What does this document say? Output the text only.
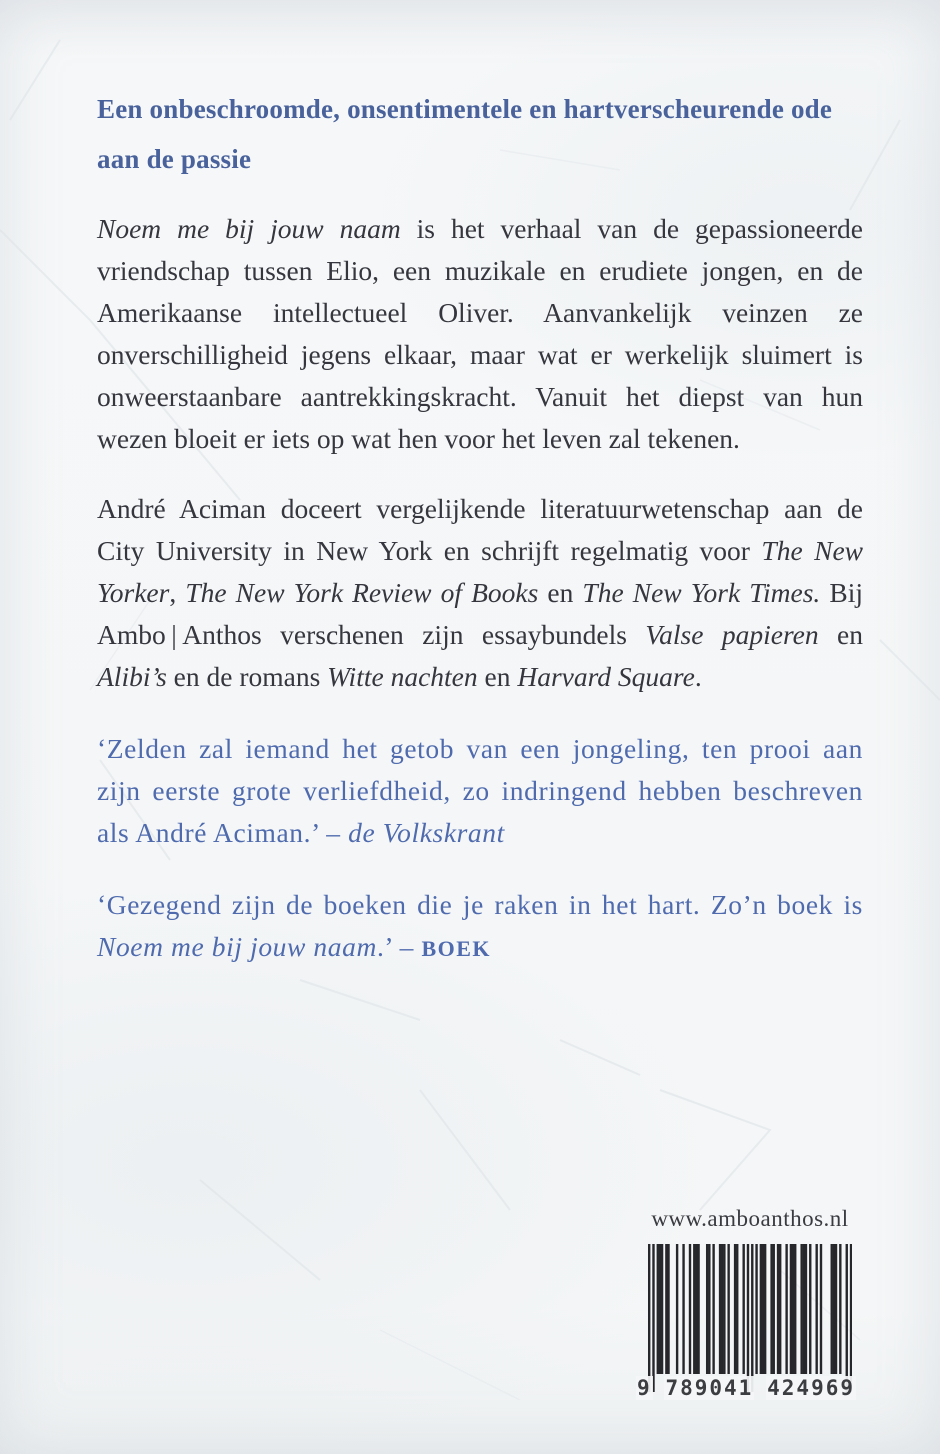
Een onbeschroomde, onsentimentele en hartverscheurende ode aan de passie

Noem me bij jouw naam is het verhaal van de gepassioneerde vriendschap tussen Elio, een muzikale en erudiete jongen, en de Amerikaanse intellectueel Oliver. Aanvankelijk veinzen ze onverschilligheid jegens elkaar, maar wat er werkelijk sluimert is onweerstaanbare aantrekkingskracht. Vanuit het diepst van hun wezen bloeit er iets op wat hen voor het leven zal tekenen.

André Aciman doceert vergelijkende literatuurwetenschap aan de City University in New York en schrijft regelmatig voor The New Yorker, The New York Review of Books en The New York Times. Bij Ambo | Anthos verschenen zijn essaybundels Valse papieren en Alibi’s en de romans Witte nachten en Harvard Square.

‘Zelden zal iemand het getob van een jongeling, ten prooi aan zijn eerste grote verliefdheid, zo indringend hebben beschreven als André Aciman.’ – de Volkskrant

‘Gezegend zijn de boeken die je raken in het hart. Zo’n boek is Noem me bij jouw naam.’ – BOEK

www.amboanthos.nl
9 789041 424969
